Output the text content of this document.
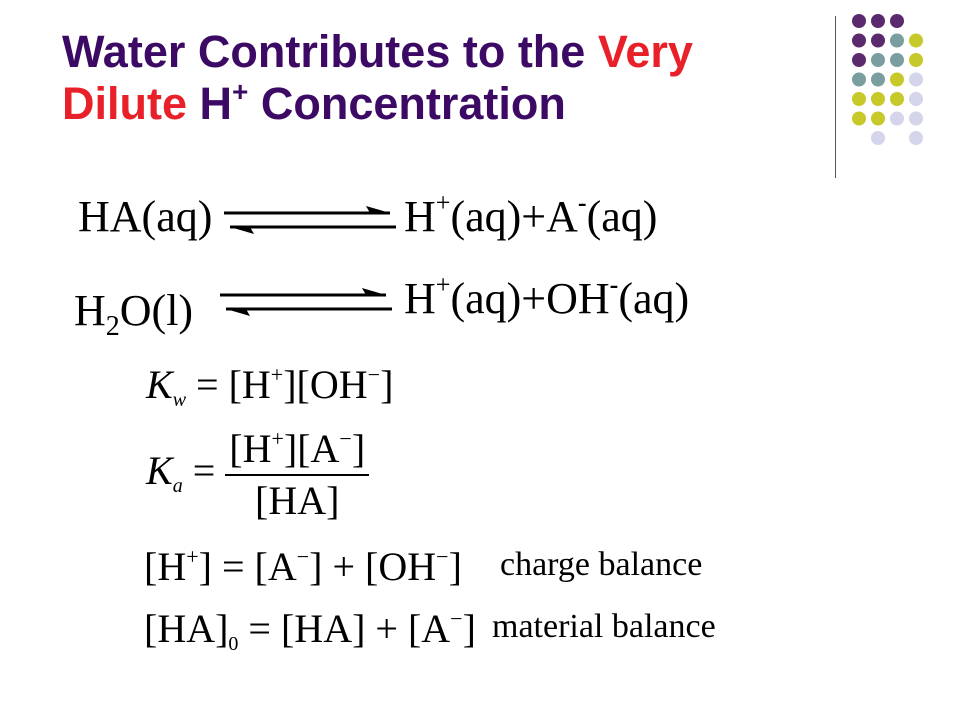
Water Contributes to the Very
Dilute H+ Concentration
HA(aq)	H+(aq)+A-(aq)
$H_2O(l)$	H+(aq)+OH-(aq)
$K_w = [H^+][OH^-]$
$K_a = \frac{[H^+][A^-]}{[HA]}$
[H+] = [A−] + [OH−] charge balance
$[HA]_0 = [HA] + [A^-]$ material balance
